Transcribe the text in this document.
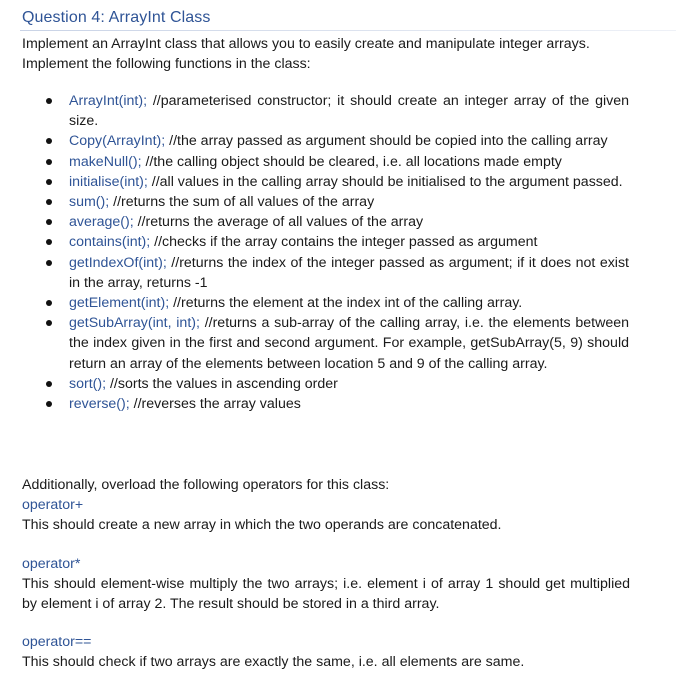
Question 4: ArrayInt Class

Implement an ArrayInt class that allows you to easily create and manipulate integer arrays.

Implement the following functions in the class:

ArrayInt(int); //parameterised constructor; it should create an integer array of the given size.
Copy(ArrayInt); //the array passed as argument should be copied into the calling array
makeNull(); //the calling object should be cleared, i.e. all locations made empty
initialise(int); //all values in the calling array should be initialised to the argument passed.
sum(); //returns the sum of all values of the array
average(); //returns the average of all values of the array
contains(int); //checks if the array contains the integer passed as argument
getIndexOf(int); //returns the index of the integer passed as argument; if it does not exist in the array, returns -1
getElement(int); //returns the element at the index int of the calling array.
getSubArray(int, int); //returns a sub-array of the calling array, i.e. the elements between the index given in the first and second argument. For example, getSubArray(5, 9) should return an array of the elements between location 5 and 9 of the calling array.
sort(); //sorts the values in ascending order
reverse(); //reverses the array values
Additionally, overload the following operators for this class:
operator+
This should create a new array in which the two operands are concatenated.
operator*
This should element-wise multiply the two arrays; i.e. element i of array 1 should get multiplied by element i of array 2. The result should be stored in a third array.
operator==
This should check if two arrays are exactly the same, i.e. all elements are same.
